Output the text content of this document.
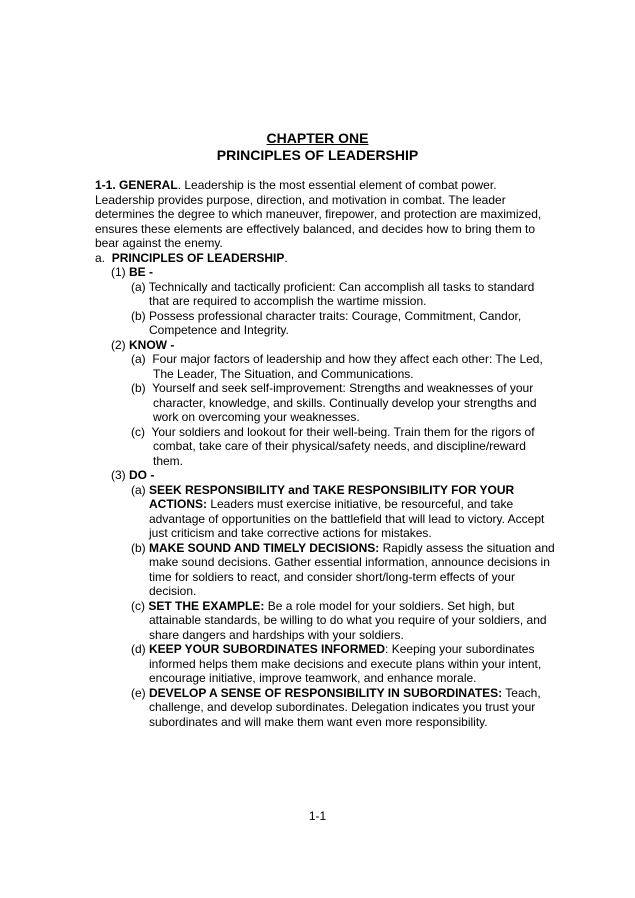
CHAPTER ONE
PRINCIPLES OF LEADERSHIP

1-1. GENERAL. Leadership is the most essential element of combat power. Leadership provides purpose, direction, and motivation in combat. The leader determines the degree to which maneuver, firepower, and protection are maximized, ensures these elements are effectively balanced, and decides how to bring them to bear against the enemy.

a. PRINCIPLES OF LEADERSHIP.

(1) BE -

(a) Technically and tactically proficient: Can accomplish all tasks to standard that are required to accomplish the wartime mission.

(b) Possess professional character traits: Courage, Commitment, Candor, Competence and Integrity.

(2) KNOW -

(a) Four major factors of leadership and how they affect each other: The Led, The Leader, The Situation, and Communications.

(b) Yourself and seek self-improvement: Strengths and weaknesses of your character, knowledge, and skills. Continually develop your strengths and work on overcoming your weaknesses.

(c) Your soldiers and lookout for their well-being. Train them for the rigors of combat, take care of their physical/safety needs, and discipline/reward them.

(3) DO -

(a) SEEK RESPONSIBILITY and TAKE RESPONSIBILITY FOR YOUR ACTIONS: Leaders must exercise initiative, be resourceful, and take advantage of opportunities on the battlefield that will lead to victory. Accept just criticism and take corrective actions for mistakes.

(b) MAKE SOUND AND TIMELY DECISIONS: Rapidly assess the situation and make sound decisions. Gather essential information, announce decisions in time for soldiers to react, and consider short/long-term effects of your decision.

(c) SET THE EXAMPLE: Be a role model for your soldiers. Set high, but attainable standards, be willing to do what you require of your soldiers, and share dangers and hardships with your soldiers.

(d) KEEP YOUR SUBORDINATES INFORMED: Keeping your subordinates informed helps them make decisions and execute plans within your intent, encourage initiative, improve teamwork, and enhance morale.

(e) DEVELOP A SENSE OF RESPONSIBILITY IN SUBORDINATES: Teach, challenge, and develop subordinates. Delegation indicates you trust your subordinates and will make them want even more responsibility.

1-1
